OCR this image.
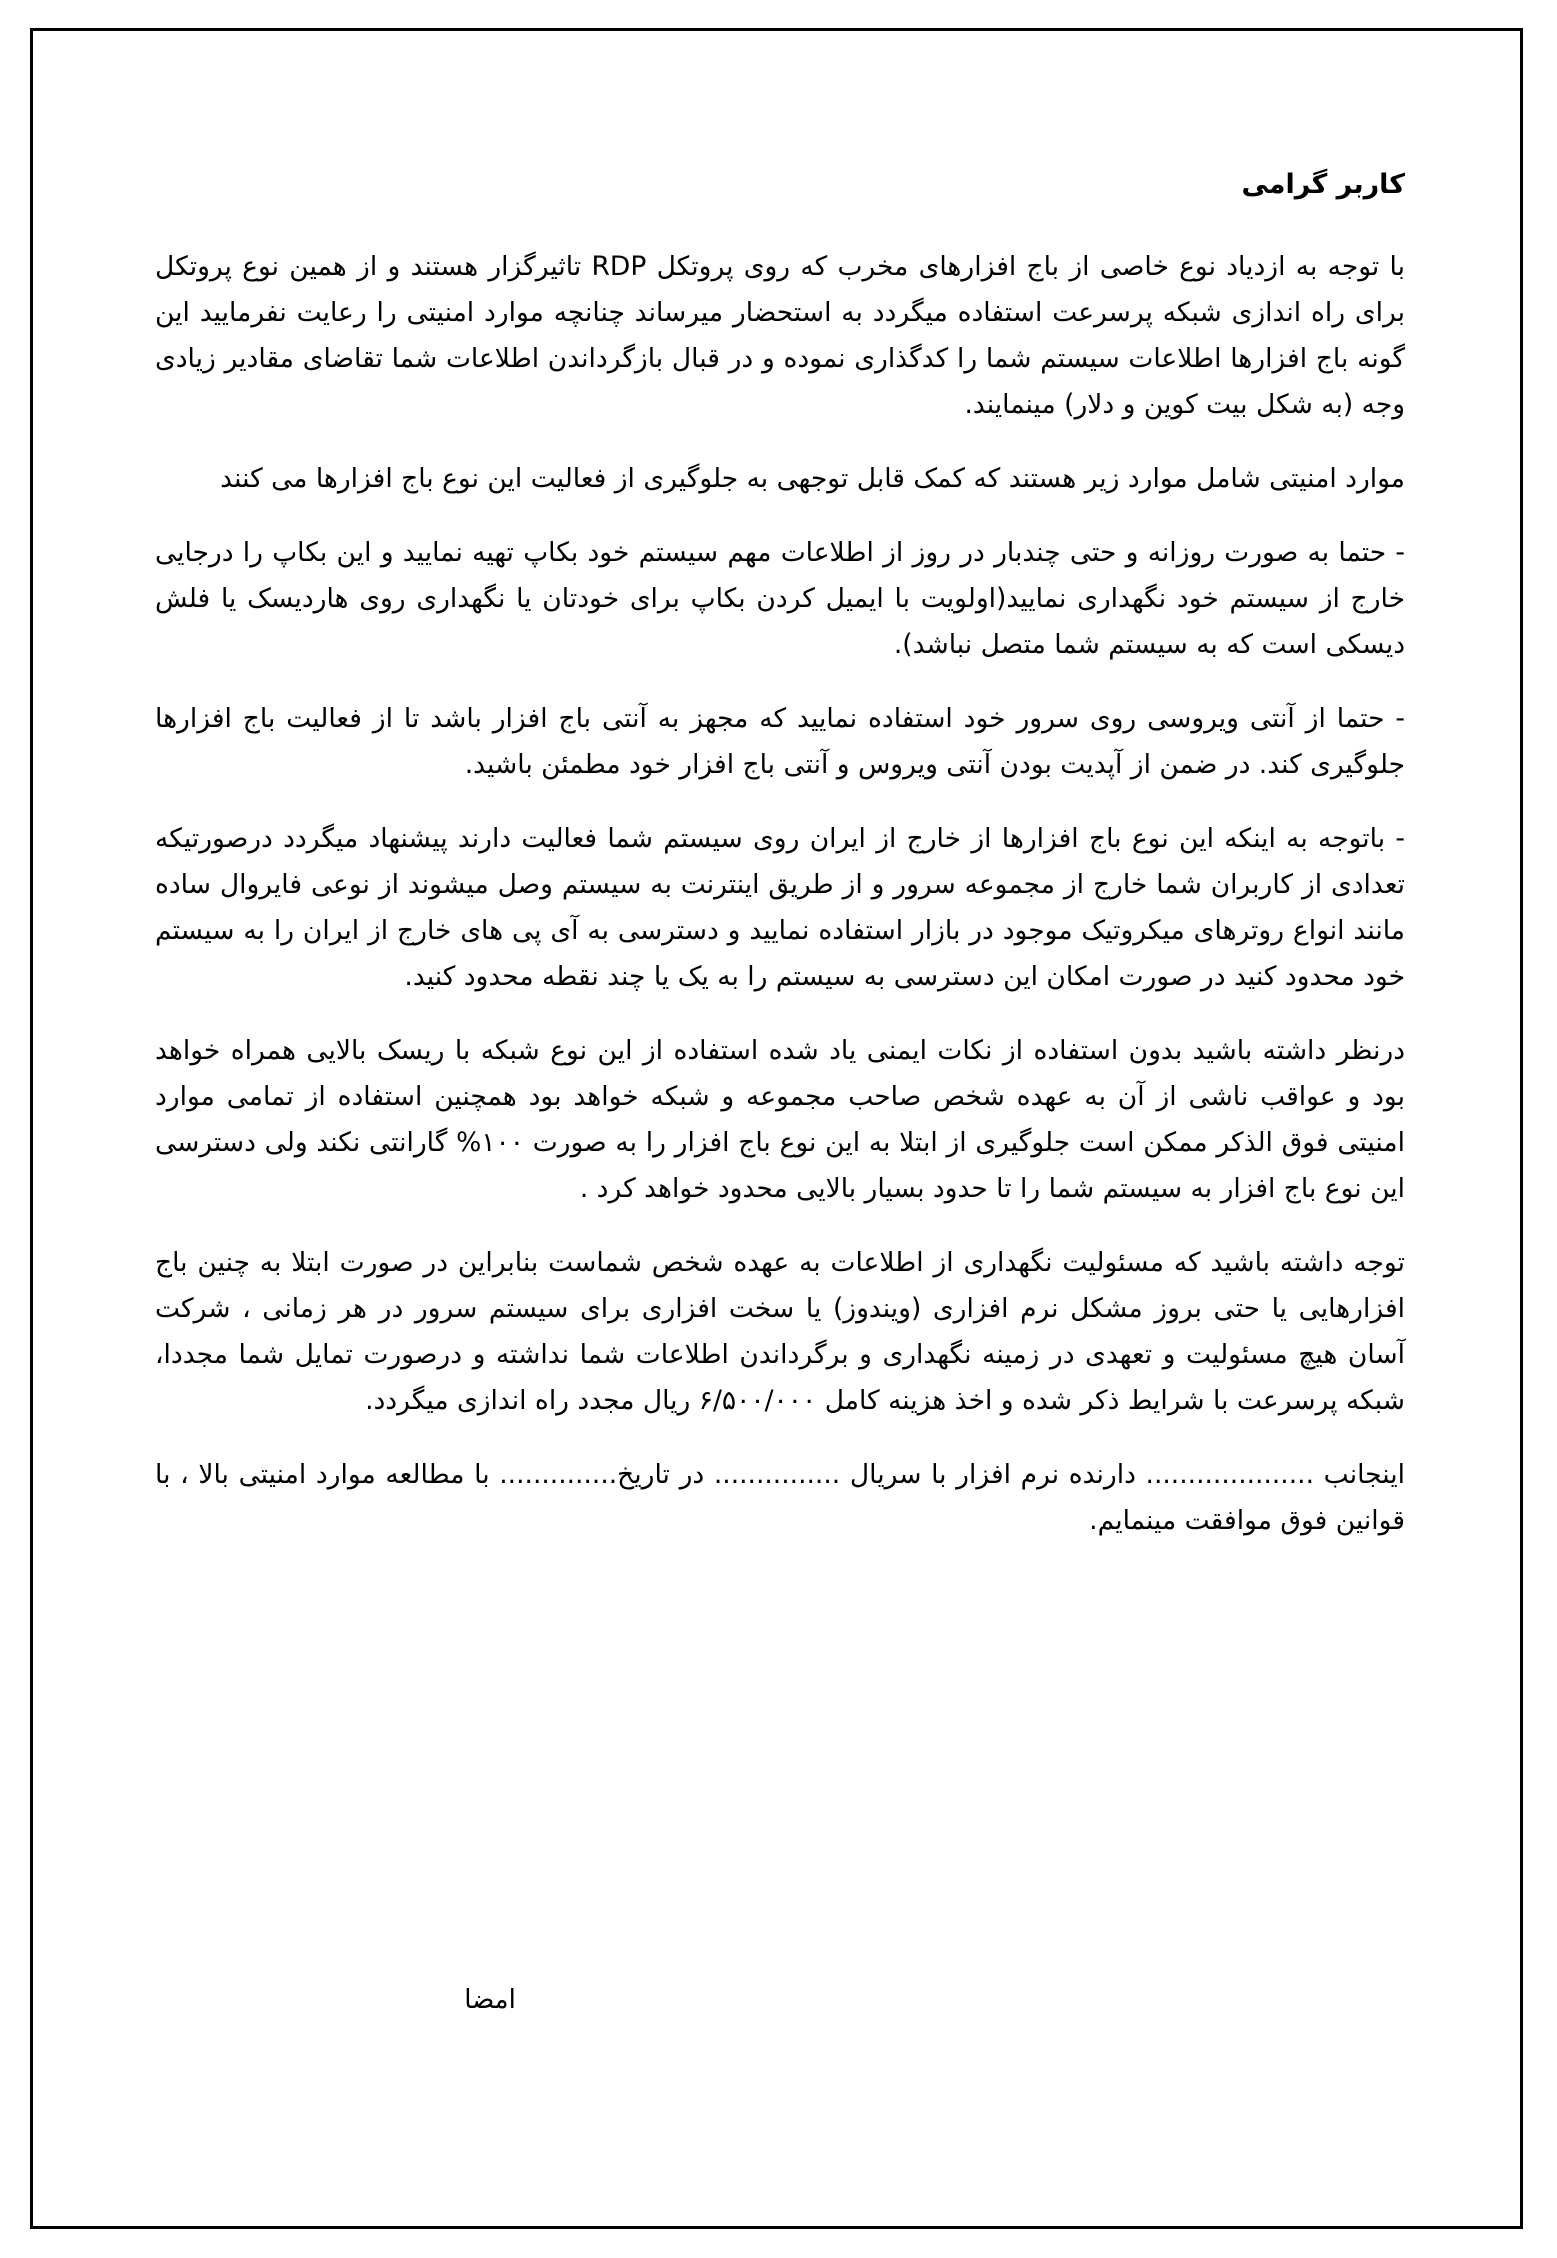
کاربر گرامی

با توجه به ازدیاد نوع خاصی از باج افزارهای مخرب که روی پروتکل RDP تاثیرگزار هستند و از همین نوع پروتکل برای راه اندازی شبکه پرسرعت استفاده میگردد به استحضار میرساند چنانچه موارد امنیتی را رعایت نفرمایید این گونه باج افزارها اطلاعات سیستم شما را کدگذاری نموده و در قبال بازگرداندن اطلاعات شما تقاضای مقادیر زیادی وجه (به شکل بیت کوین و دلار) مینمایند.

موارد امنیتی شامل موارد زیر هستند که کمک قابل توجهی به جلوگیری از فعالیت این نوع باج افزارها می کنند

- حتما به صورت روزانه و حتی چندبار در روز از اطلاعات مهم سیستم خود بکاپ تهیه نمایید و این بکاپ را درجایی خارج از سیستم خود نگهداری نمایید(اولویت با ایمیل کردن بکاپ برای خودتان یا نگهداری روی هاردیسک یا فلش دیسکی است که به سیستم شما متصل نباشد).

- حتما از آنتی ویروسی روی سرور خود استفاده نمایید که مجهز به آنتی باج افزار باشد تا از فعالیت باج افزارها جلوگیری کند. در ضمن از آپدیت بودن آنتی ویروس و آنتی باج افزار خود مطمئن باشید.

- باتوجه به اینکه این نوع باج افزارها از خارج از ایران روی سیستم شما فعالیت دارند پیشنهاد میگردد درصورتیکه تعدادی از کاربران شما خارج از مجموعه سرور و از طریق اینترنت به سیستم وصل میشوند از نوعی فایروال ساده مانند انواع روترهای میکروتیک موجود در بازار استفاده نمایید و دسترسی به آی پی های خارج از ایران را به سیستم خود محدود کنید در صورت امکان این دسترسی به سیستم را به یک یا چند نقطه محدود کنید.

درنظر داشته باشید بدون استفاده از نکات ایمنی یاد شده استفاده از این نوع شبکه با ریسک بالایی همراه خواهد بود و عواقب ناشی از آن به عهده شخص صاحب مجموعه و شبکه خواهد بود همچنین استفاده از تمامی موارد امنیتی فوق الذکر ممکن است جلوگیری از ابتلا به این نوع باج افزار را به صورت ۱۰۰% گارانتی نکند ولی دسترسی این نوع باج افزار به سیستم شما را تا حدود بسیار بالایی محدود خواهد کرد .

توجه داشته باشید که مسئولیت نگهداری از اطلاعات به عهده شخص شماست بنابراین در صورت ابتلا به چنین باج افزارهایی یا حتی بروز مشکل نرم افزاری (ویندوز) یا سخت افزاری برای سیستم سرور در هر زمانی ، شرکت آسان هیچ مسئولیت و تعهدی در زمینه نگهداری و برگرداندن اطلاعات شما نداشته و درصورت تمایل شما مجددا، شبکه پرسرعت با شرایط ذکر شده و اخذ هزینه کامل ۶/۵۰۰/۰۰۰ ریال مجدد راه اندازی میگردد.

اینجانب .................... دارنده نرم افزار با سریال ............... در تاریخ.............. با مطالعه موارد امنیتی بالا ، با قوانین فوق موافقت مینمایم.

امضا
